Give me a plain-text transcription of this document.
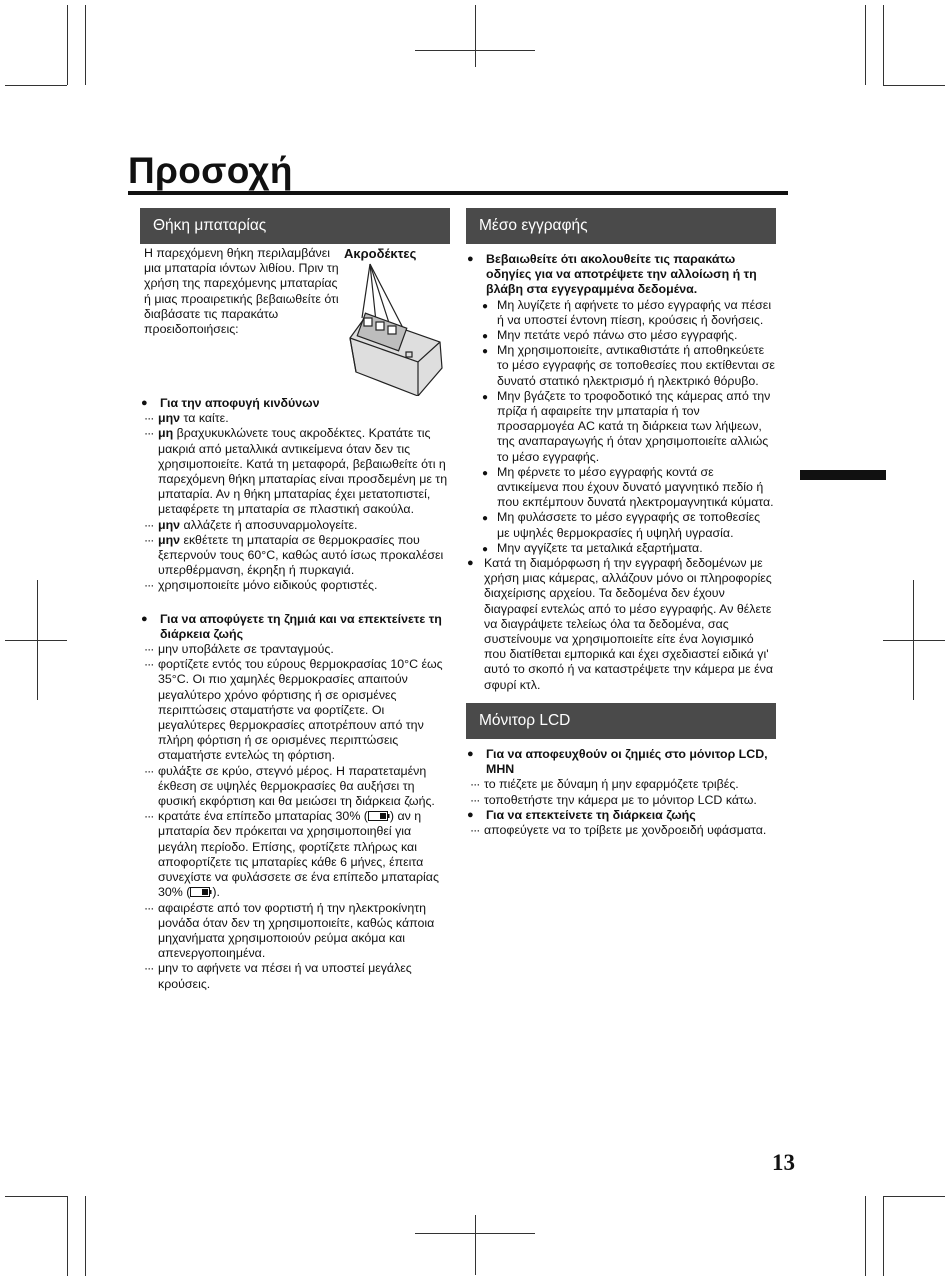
Προσοχή
Θήκη μπαταρίας
Η παρεχόμενη θήκη περιλαμβάνει μια μπαταρία ιόντων λιθίου. Πριν τη χρήση της παρεχόμενης μπαταρίας ή μιας προαιρετικής βεβαιωθείτε ότι διαβάσατε τις παρακάτω προειδοποιήσεις:
Ακροδέκτες
● Για την αποφυγή κινδύνων
··· μην τα καίτε.
··· μη βραχυκυκλώνετε τους ακροδέκτες. Κρατάτε τις μακριά από μεταλλικά αντικείμενα όταν δεν τις χρησιμοποιείτε. Κατά τη μεταφορά, βεβαιωθείτε ότι η παρεχόμενη θήκη μπαταρίας είναι προσδεμένη με τη μπαταρία. Αν η θήκη μπαταρίας έχει μετατοπιστεί, μεταφέρετε τη μπαταρία σε πλαστική σακούλα.
··· μην αλλάζετε ή αποσυναρμολογείτε.
··· μην εκθέτετε τη μπαταρία σε θερμοκρασίες που ξεπερνούν τους 60°C, καθώς αυτό ίσως προκαλέσει υπερθέρμανση, έκρηξη ή πυρκαγιά.
··· χρησιμοποιείτε μόνο ειδικούς φορτιστές.
● Για να αποφύγετε τη ζημιά και να επεκτείνετε τη διάρκεια ζωής
··· μην υποβάλετε σε τρανταγμούς.
··· φορτίζετε εντός του εύρους θερμοκρασίας 10°C έως 35°C. Οι πιο χαμηλές θερμοκρασίες απαιτούν μεγαλύτερο χρόνο φόρτισης ή σε ορισμένες περιπτώσεις σταματήστε να φορτίζετε. Οι μεγαλύτερες θερμοκρασίες αποτρέπουν από την πλήρη φόρτιση ή σε ορισμένες περιπτώσεις σταματήστε εντελώς τη φόρτιση.
··· φυλάξτε σε κρύο, στεγνό μέρος. Η παρατεταμένη έκθεση σε υψηλές θερμοκρασίες θα αυξήσει τη φυσική εκφόρτιση και θα μειώσει τη διάρκεια ζωής.
··· κρατάτε ένα επίπεδο μπαταρίας 30% ( ) αν η μπαταρία δεν πρόκειται να χρησιμοποιηθεί για μεγάλη περίοδο. Επίσης, φορτίζετε πλήρως και αποφορτίζετε τις μπαταρίες κάθε 6 μήνες, έπειτα συνεχίστε να φυλάσσετε σε ένα επίπεδο μπαταρίας 30% ( ).
··· αφαιρέστε από τον φορτιστή ή την ηλεκτροκίνητη μονάδα όταν δεν τη χρησιμοποιείτε, καθώς κάποια μηχανήματα χρησιμοποιούν ρεύμα ακόμα και απενεργοποιημένα.
··· μην το αφήνετε να πέσει ή να υποστεί μεγάλες κρούσεις.
Μέσο εγγραφής
● Βεβαιωθείτε ότι ακολουθείτε τις παρακάτω οδηγίες για να αποτρέψετε την αλλοίωση ή τη βλάβη στα εγγεγραμμένα δεδομένα.
● Μη λυγίζετε ή αφήνετε το μέσο εγγραφής να πέσει ή να υποστεί έντονη πίεση, κρούσεις ή δονήσεις.
● Μην πετάτε νερό πάνω στο μέσο εγγραφής.
● Μη χρησιμοποιείτε, αντικαθιστάτε ή αποθηκεύετε το μέσο εγγραφής σε τοποθεσίες που εκτίθενται σε δυνατό στατικό ηλεκτρισμό ή ηλεκτρικό θόρυβο.
● Μην βγάζετε το τροφοδοτικό της κάμερας από την πρίζα ή αφαιρείτε την μπαταρία ή τον προσαρμογέα AC κατά τη διάρκεια των λήψεων, της αναπαραγωγής ή όταν χρησιμοποιείτε αλλιώς το μέσο εγγραφής.
● Μη φέρνετε το μέσο εγγραφής κοντά σε αντικείμενα που έχουν δυνατό μαγνητικό πεδίο ή που εκπέμπουν δυνατά ηλεκτρομαγνητικά κύματα.
● Μη φυλάσσετε το μέσο εγγραφής σε τοποθεσίες με υψηλές θερμοκρασίες ή υψηλή υγρασία.
● Μην αγγίζετε τα μεταλικά εξαρτήματα.
● Κατά τη διαμόρφωση ή την εγγραφή δεδομένων με χρήση μιας κάμερας, αλλάζουν μόνο οι πληροφορίες διαχείρισης αρχείου. Τα δεδομένα δεν έχουν διαγραφεί εντελώς από το μέσο εγγραφής. Αν θέλετε να διαγράψετε τελείως όλα τα δεδομένα, σας συστείνουμε να χρησιμοποιείτε είτε ένα λογισμικό που διατίθεται εμπορικά και έχει σχεδιαστεί ειδικά γι' αυτό το σκοπό ή να καταστρέψετε την κάμερα με ένα σφυρί κτλ.
Μόνιτορ LCD
● Για να αποφευχθούν οι ζημιές στο μόνιτορ LCD, ΜΗΝ
··· το πιέζετε με δύναμη ή μην εφαρμόζετε τριβές.
··· τοποθετήστε την κάμερα με το μόνιτορ LCD κάτω.
● Για να επεκτείνετε τη διάρκεια ζωής
··· αποφεύγετε να το τρίβετε με χονδροειδή υφάσματα.
13
